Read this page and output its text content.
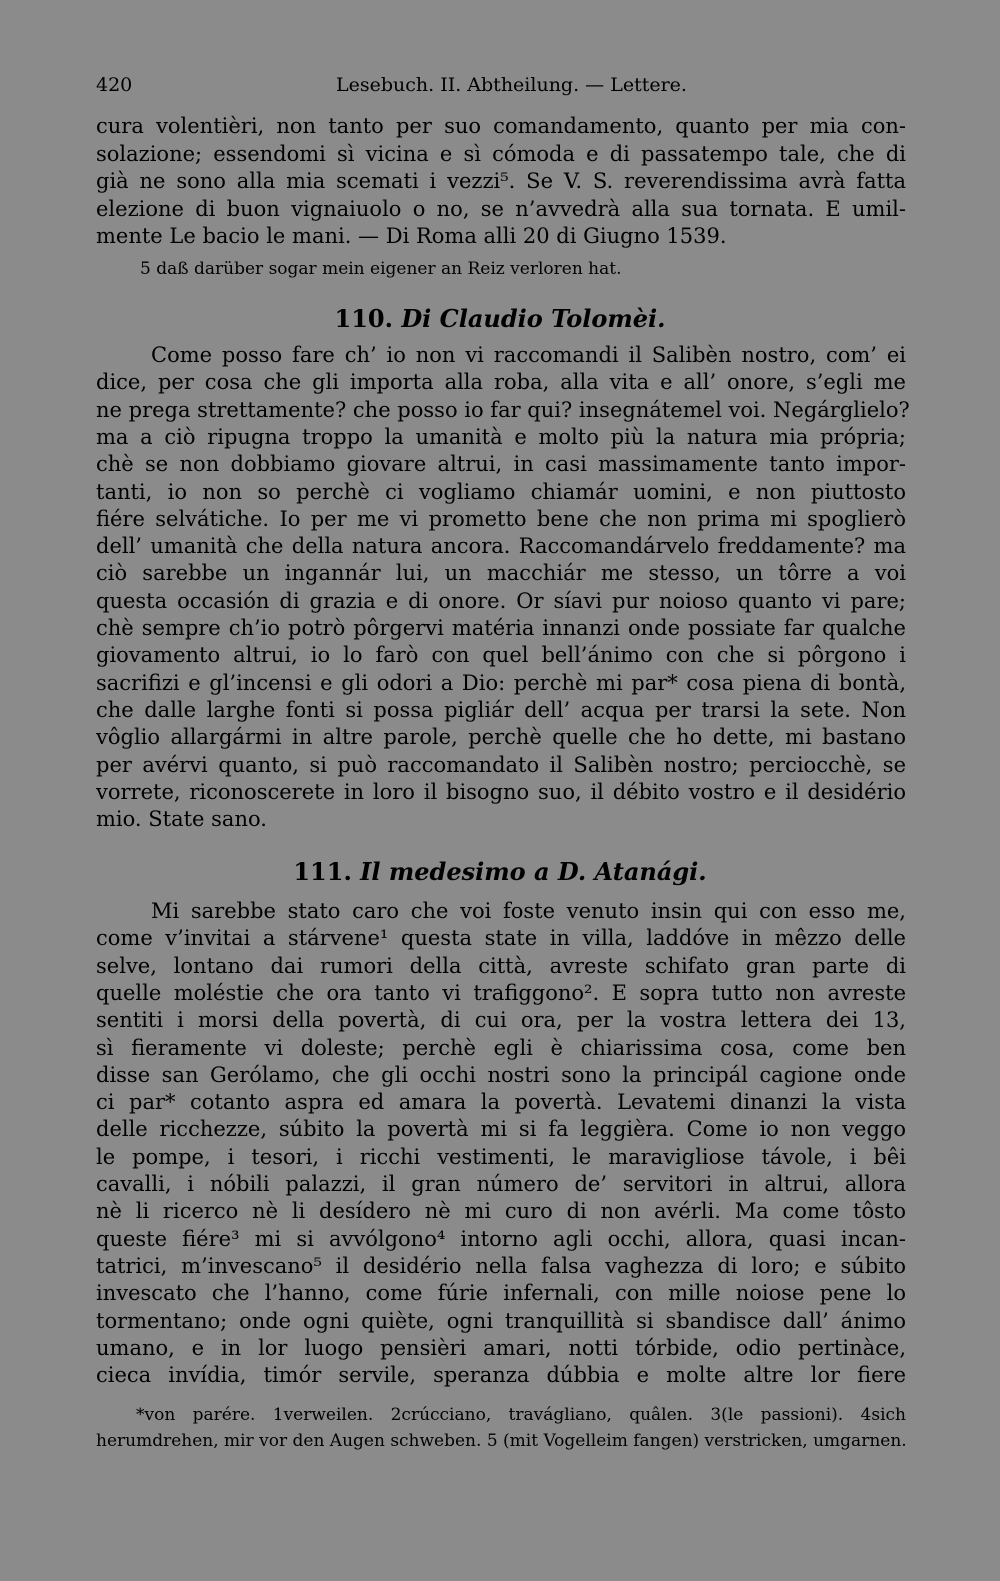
420	Lesebuch. II. Abtheilung. — Lettere.
cura volentièri, non tanto per suo comandamento, quanto per mia con-
solazione; essendomi sì vicina e sì cómoda e di passatempo tale, che di
già ne sono alla mia scemati i vezzi⁵. Se V. S. reverendissima avrà fatta
elezione di buon vignaiuolo o no, se n’avvedrà alla sua tornata. E umil-
mente Le bacio le mani. — Di Roma alli 20 di Giugno 1539.
5 daß darüber sogar mein eigener an Reiz verloren hat.
110. Di Claudio Tolomèi.
Come posso fare ch’ io non vi raccomandi il Salibèn nostro, com’ ei
dice, per cosa che gli importa alla roba, alla vita e all’ onore, s’egli me
ne prega strettamente? che posso io far qui? insegnátemel voi. Negárglielo?
ma a ciò ripugna troppo la umanità e molto più la natura mia própria;
chè se non dobbiamo giovare altrui, in casi massimamente tanto impor-
tanti, io non so perchè ci vogliamo chiamár uomini, e non piuttosto
fiére selvátiche. Io per me vi prometto bene che non prima mi spoglierò
dell’ umanità che della natura ancora. Raccomandárvelo freddamente? ma
ciò sarebbe un ingannár lui, un macchiár me stesso, un tôrre a voi
questa occasión di grazia e di onore. Or síavi pur noioso quanto vi pare;
chè sempre ch’io potrò pôrgervi matéria innanzi onde possiate far qualche
giovamento altrui, io lo farò con quel bell’ánimo con che si pôrgono i
sacrifizi e gl’incensi e gli odori a Dio: perchè mi par* cosa piena di bontà,
che dalle larghe fonti si possa pigliár dell’ acqua per trarsi la sete. Non
vôglio allargármi in altre parole, perchè quelle che ho dette, mi bastano
per avérvi quanto, si può raccomandato il Salibèn nostro; perciocchè, se
vorrete, riconoscerete in loro il bisogno suo, il débito vostro e il desidério
mio. State sano.
111. Il medesimo a D. Atanági.
Mi sarebbe stato caro che voi foste venuto insin qui con esso me,
come v’invitai a stárvene¹ questa state in villa, laddóve in mêzzo delle
selve, lontano dai rumori della città, avreste schifato gran parte di
quelle moléstie che ora tanto vi trafiggono². E sopra tutto non avreste
sentiti i morsi della povertà, di cui ora, per la vostra lettera dei 13,
sì fieramente vi doleste; perchè egli è chiarissima cosa, come ben
disse san Gerólamo, che gli occhi nostri sono la principál cagione onde
ci par* cotanto aspra ed amara la povertà. Levatemi dinanzi la vista
delle ricchezze, súbito la povertà mi si fa leggièra. Come io non veggo
le pompe, i tesori, i ricchi vestimenti, le maravigliose távole, i bêi
cavalli, i nóbili palazzi, il gran número de’ servitori in altrui, allora
nè li ricerco nè li desídero nè mi curo di non avérli. Ma come tôsto
queste fiére³ mi si avvólgono⁴ intorno agli occhi, allora, quasi incan-
tatrici, m’invescano⁵ il desidério nella falsa vaghezza di loro; e súbito
invescato che l’hanno, come fúrie infernali, con mille noiose pene lo
tormentano; onde ogni quiète, ogni tranquillità si sbandisce dall’ ánimo
umano, e in lor luogo pensièri amari, notti tórbide, odio pertinàce,
cieca invídia, timór servile, speranza dúbbia e molte altre lor fiere
*von parére. 1verweilen. 2crúcciano, travágliano, quâlen. 3(le passioni). 4sich
herumdrehen, mir vor den Augen schweben. 5 (mit Vogelleim fangen) verstricken, umgarnen.
